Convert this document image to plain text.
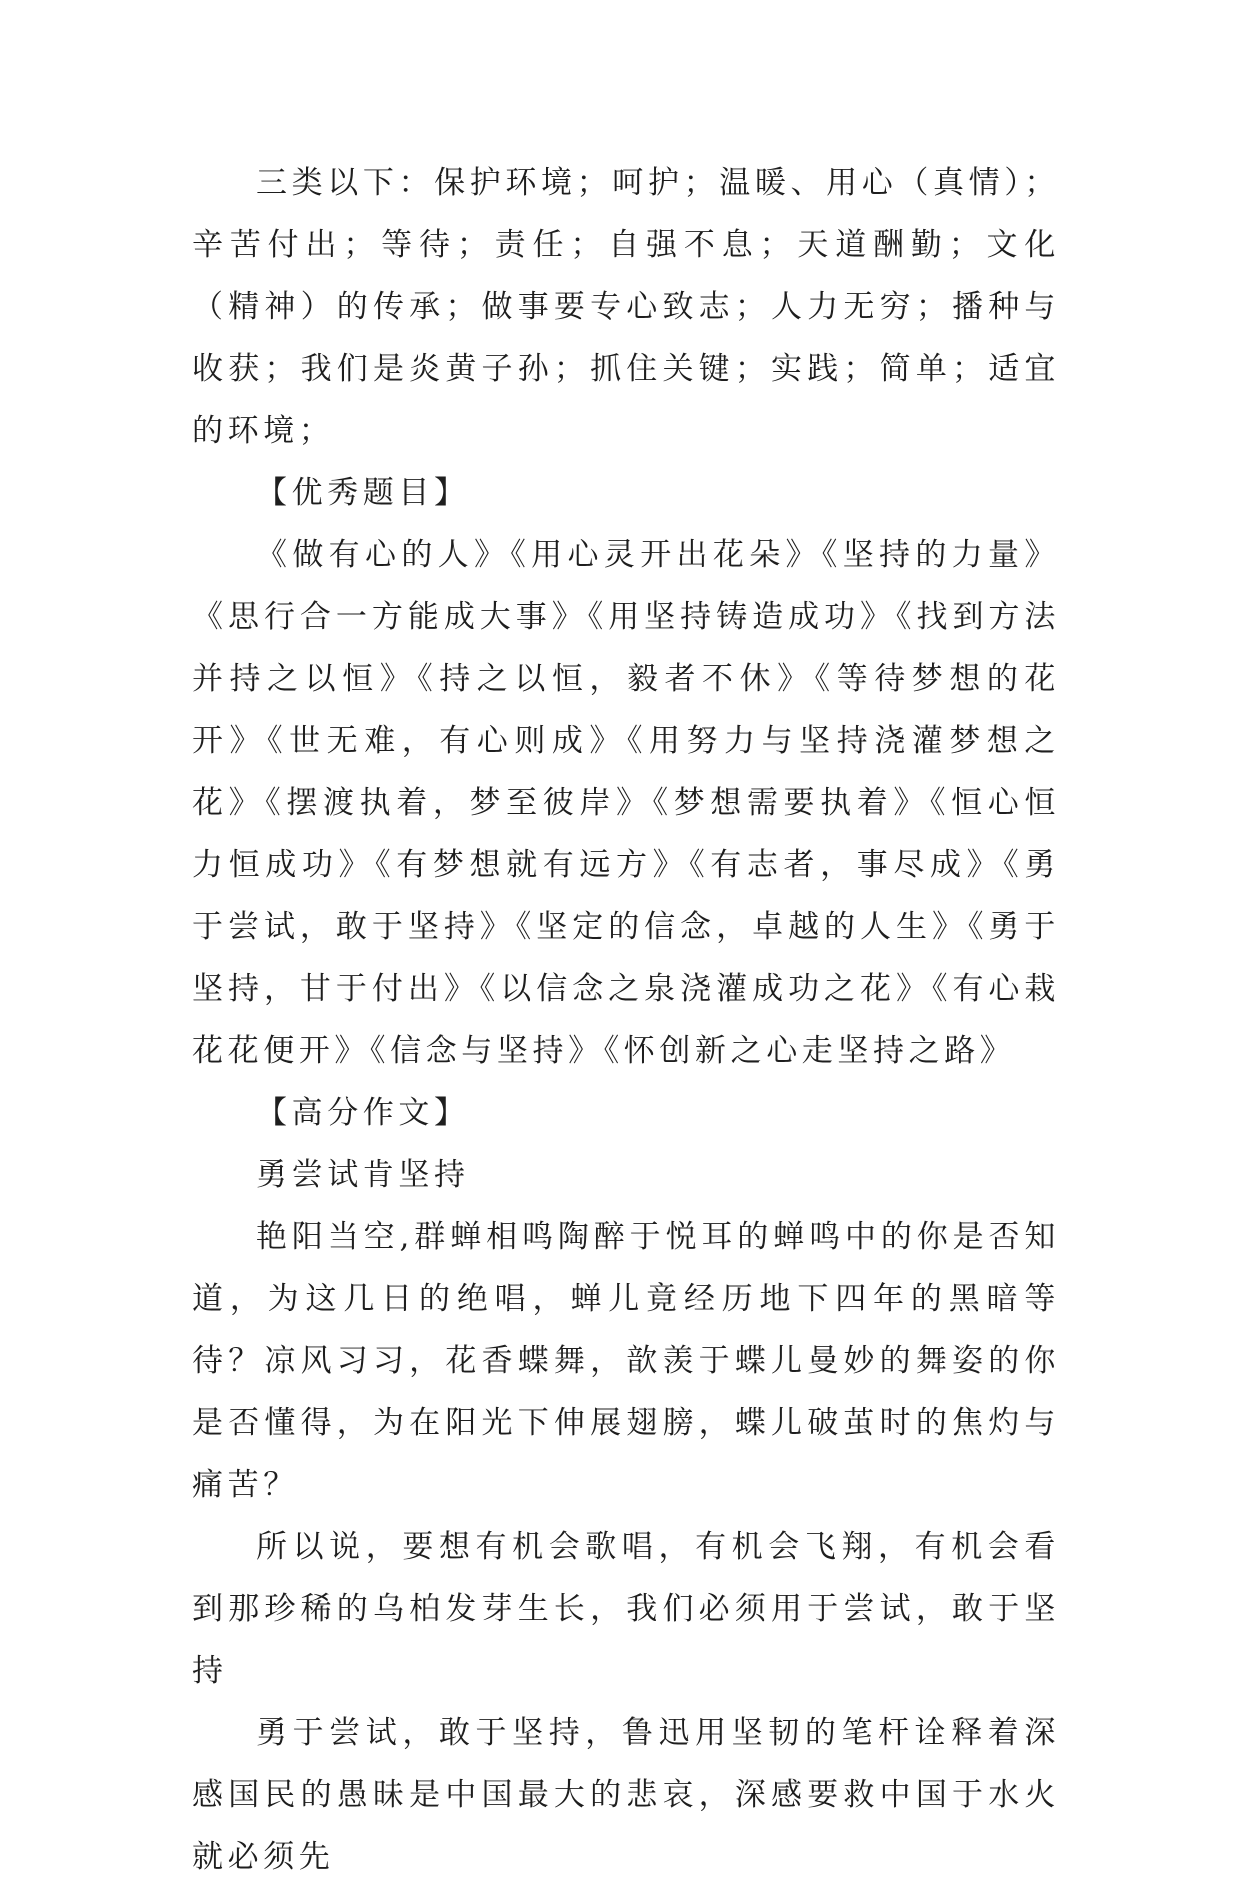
三类以下：保护环境；呵护；温暖、用心（真情）；辛苦付出；等待；责任；自强不息；天道酬勤；文化（精神）的传承；做事要专心致志；人力无穷；播种与收获；我们是炎黄子孙；抓住关键；实践；简单；适宜的环境；

【优秀题目】

《做有心的人》《用心灵开出花朵》《坚持的力量》《思行合一方能成大事》《用坚持铸造成功》《找到方法并持之以恒》《持之以恒，毅者不休》《等待梦想的花开》《世无难，有心则成》《用努力与坚持浇灌梦想之花》《摆渡执着，梦至彼岸》《梦想需要执着》《恒心恒力恒成功》《有梦想就有远方》《有志者，事尽成》《勇于尝试，敢于坚持》《坚定的信念，卓越的人生》《勇于坚持，甘于付出》《以信念之泉浇灌成功之花》《有心栽花花便开》《信念与坚持》《怀创新之心走坚持之路》

【高分作文】

勇尝试肯坚持

艳阳当空,群蝉相鸣陶醉于悦耳的蝉鸣中的你是否知道，为这几日的绝唱，蝉儿竟经历地下四年的黑暗等待？凉风习习，花香蝶舞，歆羡于蝶儿曼妙的舞姿的你是否懂得，为在阳光下伸展翅膀，蝶儿破茧时的焦灼与痛苦？

所以说，要想有机会歌唱，有机会飞翔，有机会看到那珍稀的乌柏发芽生长，我们必须用于尝试，敢于坚持

勇于尝试，敢于坚持，鲁迅用坚韧的笔杆诠释着深感国民的愚昧是中国最大的悲哀，深感要救中国于水火就必须先
